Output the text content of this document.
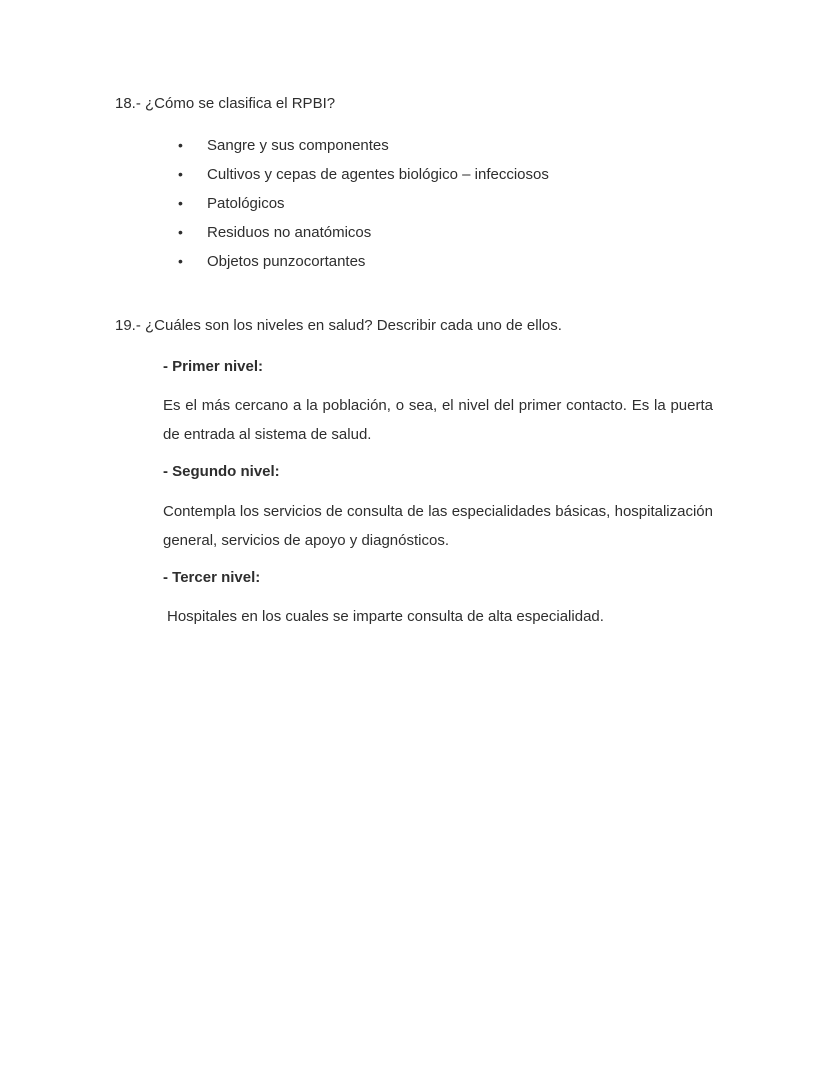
18.- ¿Cómo se clasifica el RPBI?
•	Sangre y sus componentes
•	Cultivos y cepas de agentes biológico – infecciosos
•	Patológicos
•	Residuos no anatómicos
•	Objetos punzocortantes
19.- ¿Cuáles son los niveles en salud? Describir cada uno de ellos.
- Primer nivel:

Es el más cercano a la población, o sea, el nivel del primer contacto. Es la puerta de entrada al sistema de salud.

- Segundo nivel:

Contempla los servicios de consulta de las especialidades básicas, hospitalización general, servicios de apoyo y diagnósticos.

- Tercer nivel:

Hospitales en los cuales se imparte consulta de alta especialidad.
